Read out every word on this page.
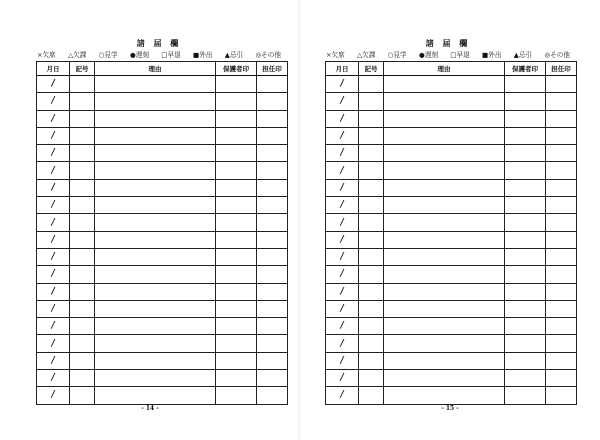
諸 届 欄
×欠席 △欠課 ○見学 ●遅刻 □早退 ■外出 ▲忌引 ◎その他
月日	記号	理由	保護者印	担任印
/				
/				
/				
/				
/				
/				
/				
/				
/				
/				
/				
/				
/				
/				
/				
/				
/				
/				
/				
- 14 -
諸 届 欄
×欠席 △欠課 ○見学 ●遅刻 □早退 ■外出 ▲忌引 ◎その他
月日	記号	理由	保護者印	担任印
/				
/				
/				
/				
/				
/				
/				
/				
/				
/				
/				
/				
/				
/				
/				
/				
/				
/				
/				
- 15 -
